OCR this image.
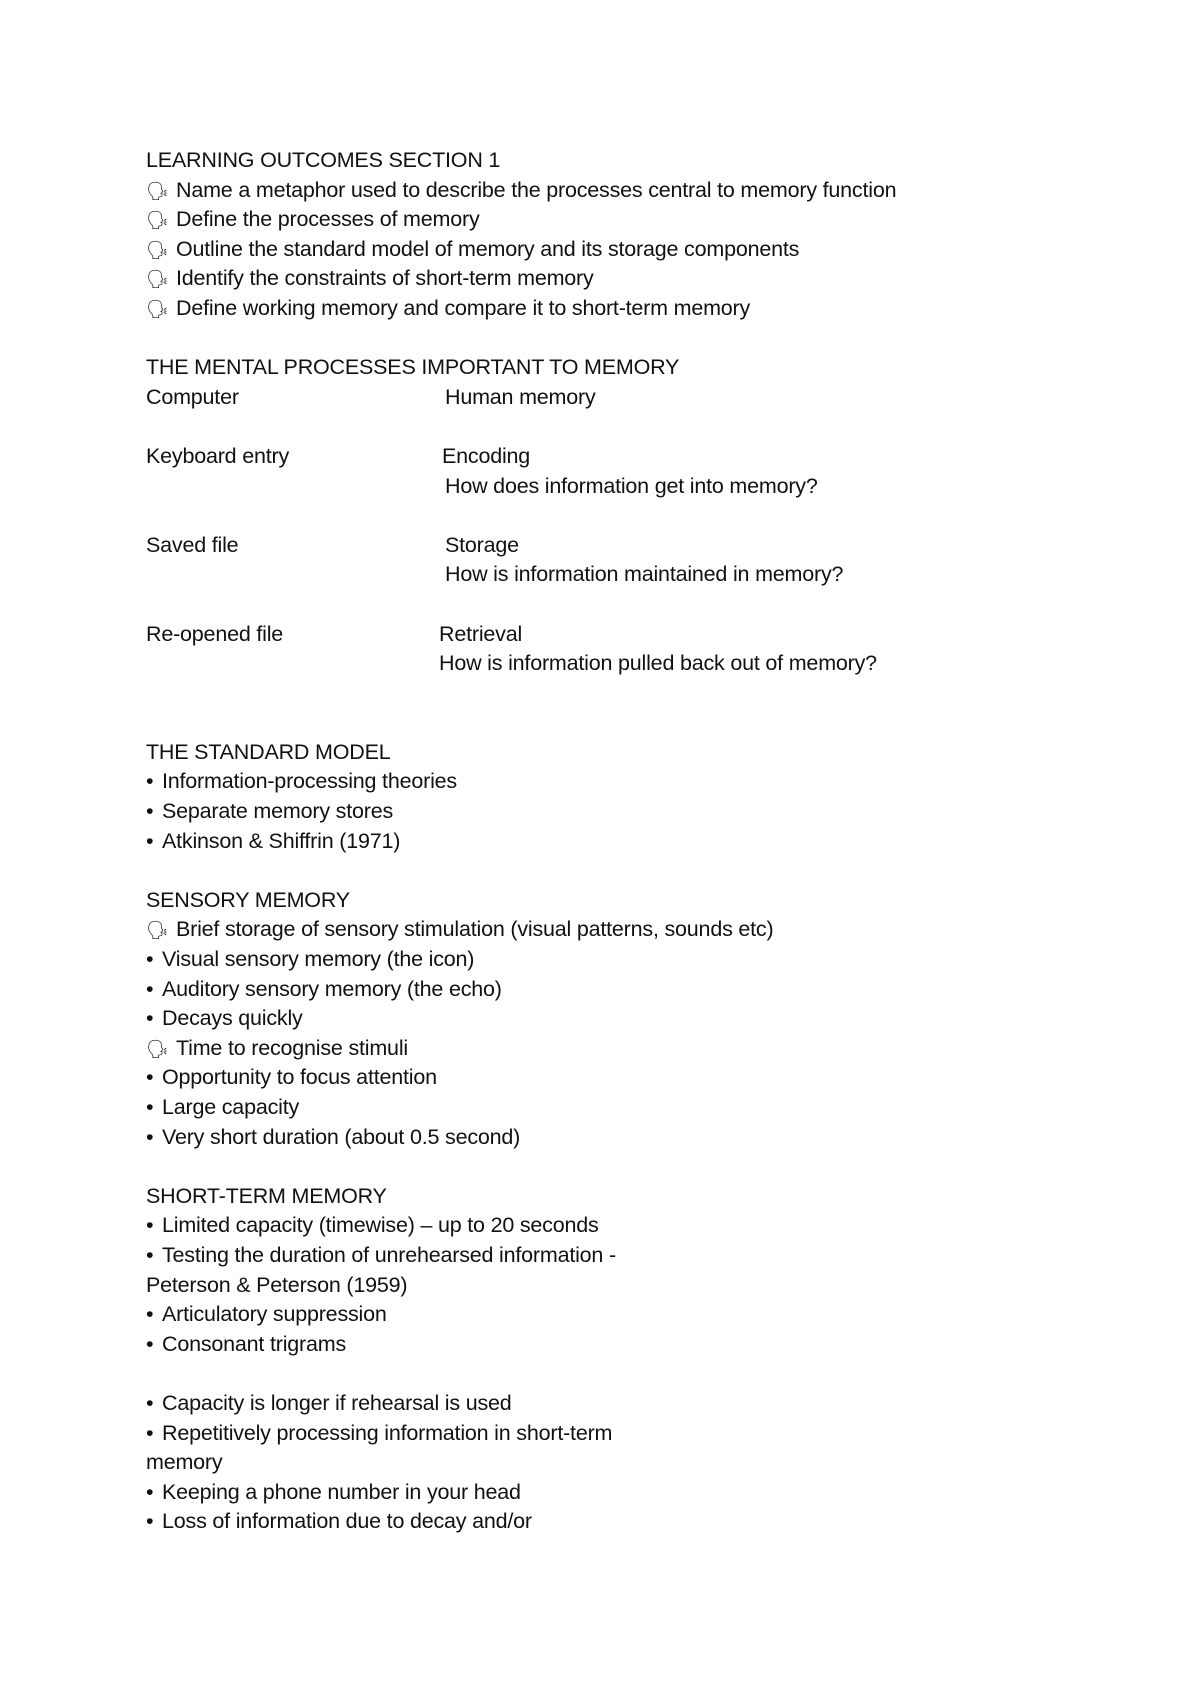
LEARNING OUTCOMES SECTION 1
🗣 Name a metaphor used to describe the processes central to memory function
🗣 Define the processes of memory
🗣 Outline the standard model of memory and its storage components
🗣 Identify the constraints of short-term memory
🗣 Define working memory and compare it to short-term memory
THE MENTAL PROCESSES IMPORTANT TO MEMORY
Computer	Human memory
Keyboard entry	Encoding
How does information get into memory?
Saved file	Storage
How is information maintained in memory?
Re-opened file	Retrieval
How is information pulled back out of memory?
THE STANDARD MODEL
• Information-processing theories
• Separate memory stores
• Atkinson & Shiffrin (1971)
SENSORY MEMORY
🗣 Brief storage of sensory stimulation (visual patterns, sounds etc)
• Visual sensory memory (the icon)
• Auditory sensory memory (the echo)
• Decays quickly
🗣 Time to recognise stimuli
• Opportunity to focus attention
• Large capacity
• Very short duration (about 0.5 second)
SHORT-TERM MEMORY
• Limited capacity (timewise) – up to 20 seconds
• Testing the duration of unrehearsed information -
Peterson & Peterson (1959)
• Articulatory suppression
• Consonant trigrams
• Capacity is longer if rehearsal is used
• Repetitively processing information in short-term
memory
• Keeping a phone number in your head
• Loss of information due to decay and/or
